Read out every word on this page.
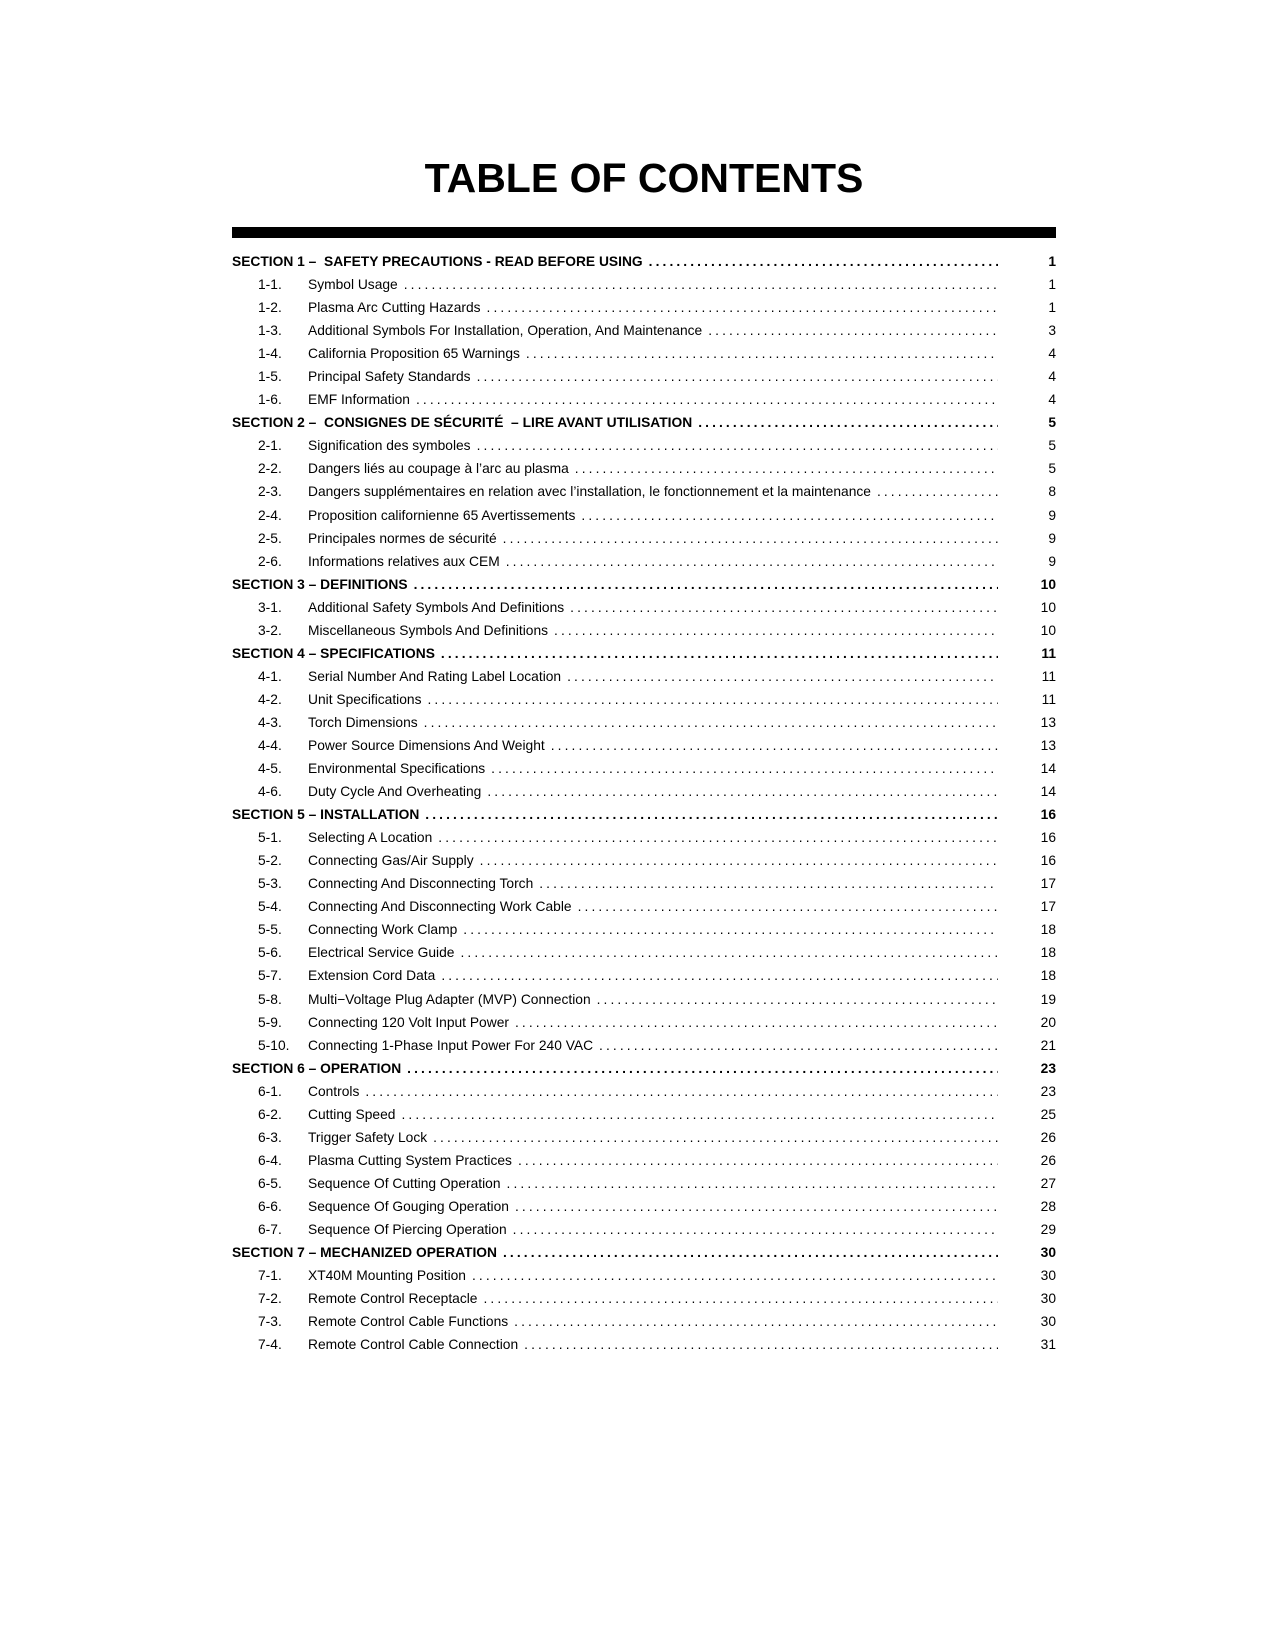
TABLE OF CONTENTS
SECTION 1 –  SAFETY PRECAUTIONS - READ BEFORE USING .....	1
1-1.	Symbol Usage .....	1
1-2.	Plasma Arc Cutting Hazards .....	1
1-3.	Additional Symbols For Installation, Operation, And Maintenance .....	3
1-4.	California Proposition 65 Warnings .....	4
1-5.	Principal Safety Standards .....	4
1-6.	EMF Information .....	4
SECTION 2 –  CONSIGNES DE SÉCURITÉ  – LIRE AVANT UTILISATION .....	5
2-1.	Signification des symboles .....	5
2-2.	Dangers liés au coupage à l’arc au plasma .....	5
2-3.	Dangers supplémentaires en relation avec l’installation, le fonctionnement et la maintenance .....	8
2-4.	Proposition californienne 65 Avertissements .....	9
2-5.	Principales normes de sécurité .....	9
2-6.	Informations relatives aux CEM .....	9
SECTION 3 – DEFINITIONS .....	10
3-1.	Additional Safety Symbols And Definitions .....	10
3-2.	Miscellaneous Symbols And Definitions .....	10
SECTION 4 – SPECIFICATIONS .....	11
4-1.	Serial Number And Rating Label Location .....	11
4-2.	Unit Specifications .....	11
4-3.	Torch Dimensions .....	13
4-4.	Power Source Dimensions And Weight .....	13
4-5.	Environmental Specifications .....	14
4-6.	Duty Cycle And Overheating .....	14
SECTION 5 – INSTALLATION .....	16
5-1.	Selecting A Location .....	16
5-2.	Connecting Gas/Air Supply .....	16
5-3.	Connecting And Disconnecting Torch .....	17
5-4.	Connecting And Disconnecting Work Cable .....	17
5-5.	Connecting Work Clamp .....	18
5-6.	Electrical Service Guide .....	18
5-7.	Extension Cord Data .....	18
5-8.	Multi−Voltage Plug Adapter (MVP) Connection .....	19
5-9.	Connecting 120 Volt Input Power .....	20
5-10.	Connecting 1-Phase Input Power For 240 VAC .....	21
SECTION 6 – OPERATION .....	23
6-1.	Controls .....	23
6-2.	Cutting Speed .....	25
6-3.	Trigger Safety Lock .....	26
6-4.	Plasma Cutting System Practices .....	26
6-5.	Sequence Of Cutting Operation .....	27
6-6.	Sequence Of Gouging Operation .....	28
6-7.	Sequence Of Piercing Operation .....	29
SECTION 7 – MECHANIZED OPERATION .....	30
7-1.	XT40M Mounting Position .....	30
7-2.	Remote Control Receptacle .....	30
7-3.	Remote Control Cable Functions .....	30
7-4.	Remote Control Cable Connection .....	31
